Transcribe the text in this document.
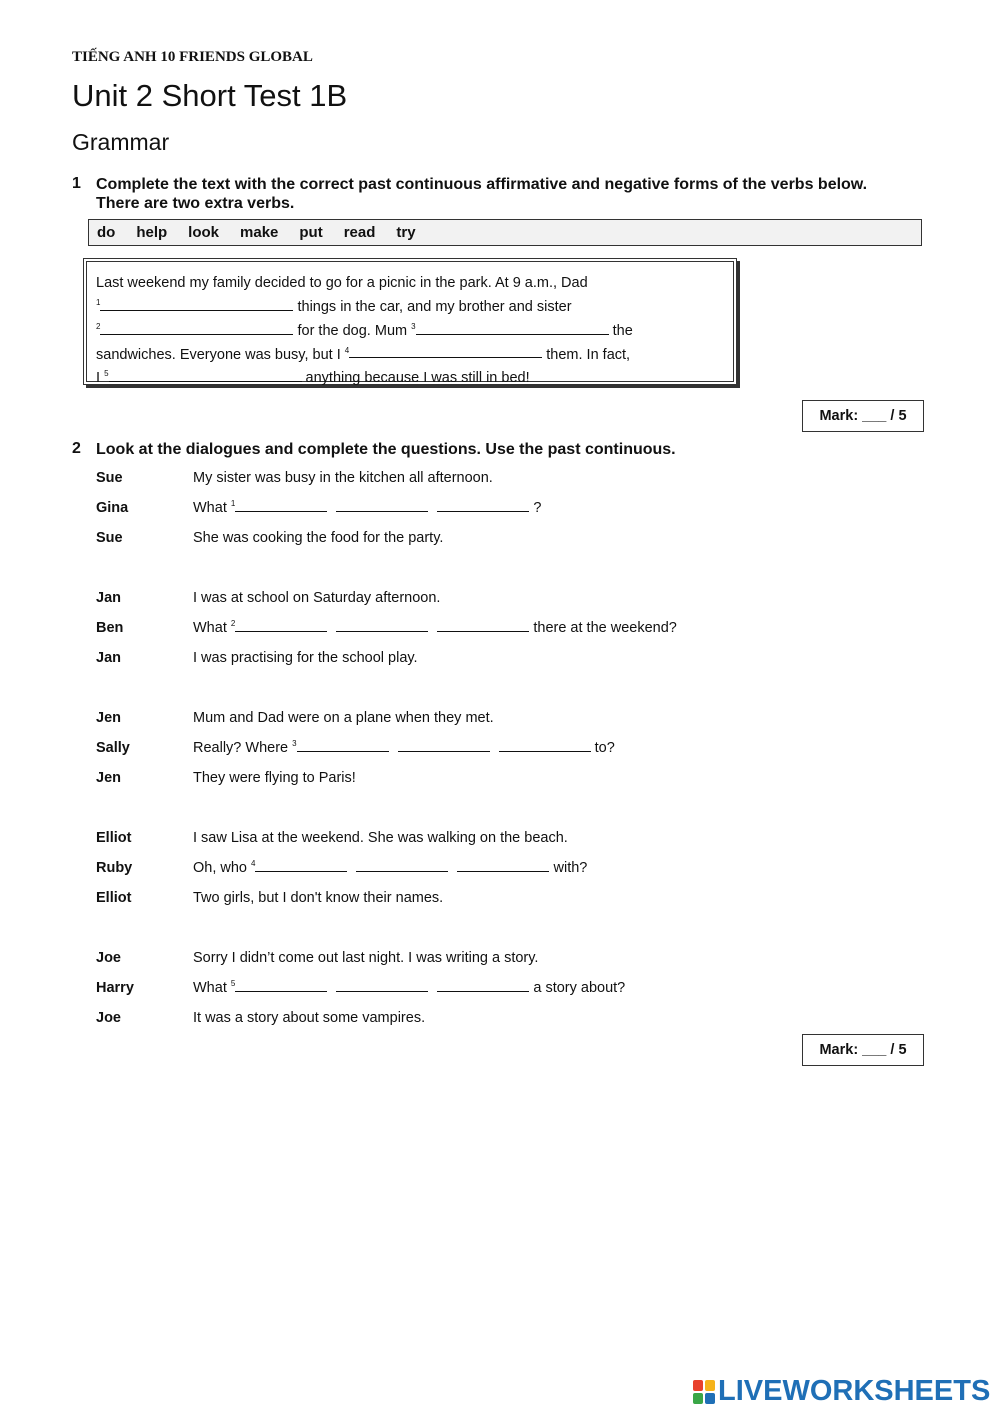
TIẾNG ANH 10 FRIENDS GLOBAL
Unit 2 Short Test 1B
Grammar
1 Complete the text with the correct past continuous affirmative and negative forms of the verbs below.
There are two extra verbs.
do help look make put read try
Last weekend my family decided to go for a picnic in the park. At 9 a.m., Dad
$^1$	things in the car, and my brother and sister
$^2$	for the dog. Mum $^3$	the
sandwiches. Everyone was busy, but I $^4$	them. In fact,
I $^5$	anything because I was still in bed!
Mark: ___ / 5
2 Look at the dialogues and complete the questions. Use the past continuous.
Sue	My sister was busy in the kitchen all afternoon.
Gina	What $^1$	?
Sue	She was cooking the food for the party.
Jan	I was at school on Saturday afternoon.
Ben	What $^2$	there at the weekend?
Jan	I was practising for the school play.
Jen	Mum and Dad were on a plane when they met.
Sally	Really? Where $^3$	to?
Jen	They were flying to Paris!
Elliot	I saw Lisa at the weekend. She was walking on the beach.
Ruby	Oh, who $^4$	with?
Elliot	Two girls, but I don't know their names.
Joe	Sorry I didn’t come out last night. I was writing a story.
Harry	What $^5$	a story about?
Joe	It was a story about some vampires.
Mark: ___ / 5
LIVEWORKSHEETS
